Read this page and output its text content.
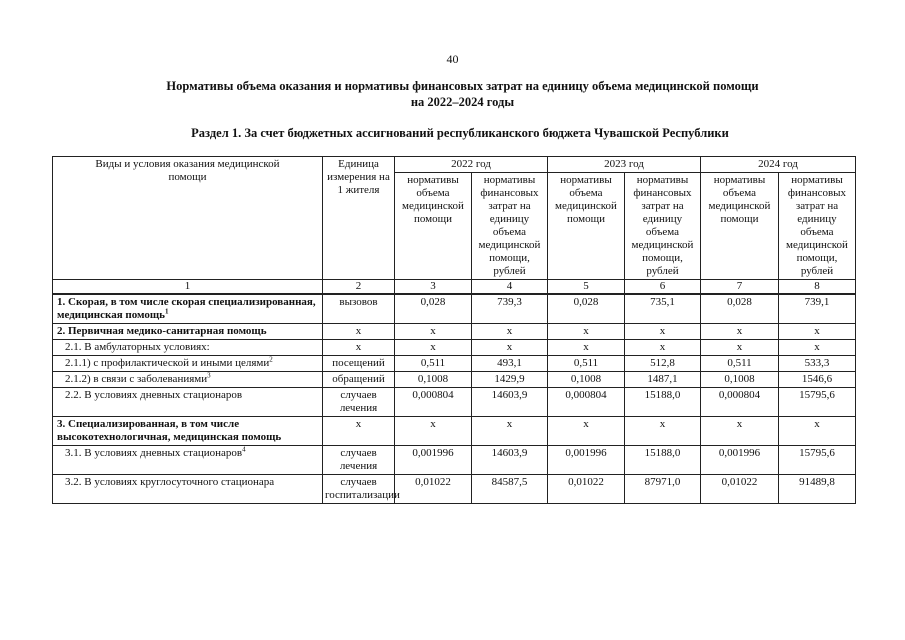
40
Нормативы объема оказания и нормативы финансовых затрат на единицу объема медицинской помощи
на 2022–2024 годы
Раздел 1. За счет бюджетных ассигнований республиканского бюджета Чувашской Республики
Виды и условия оказания медицинской помощи	Единица измерения на 1 жителя	2022 год		2023 год		2024 год	
		нормативы объема медицинской помощи	нормативы финансовых затрат на единицу объема медицинской помощи, рублей	нормативы объема медицинской помощи	нормативы финансовых затрат на единицу объема медицинской помощи, рублей	нормативы объема медицинской помощи	нормативы финансовых затрат на единицу объема медицинской помощи, рублей
1	2	3	4	5	6	7	8
1. Скорая, в том числе скорая специализированная, медицинская помощь$^1$	вызовов	0,028	739,3	0,028	735,1	0,028	739,1
2. Первичная медико-санитарная помощь	х	х	х	х	х	х	х
2.1. В амбулаторных условиях:	х	х	х	х	х	х	х
2.1.1) с профилактической и иными целями$^2$	посещений	0,511	493,1	0,511	512,8	0,511	533,3
2.1.2) в связи с заболеваниями$^3$	обращений	0,1008	1429,9	0,1008	1487,1	0,1008	1546,6
2.2. В условиях дневных стационаров	случаев лечения	0,000804	14603,9	0,000804	15188,0	0,000804	15795,6
3. Специализированная, в том числе высокотехнологичная, медицинская помощь	х	х	х	х	х	х	х
3.1. В условиях дневных стационаров$^4$	случаев лечения	0,001996	14603,9	0,001996	15188,0	0,001996	15795,6
3.2. В условиях круглосуточного стационара	случаев госпитализации	0,01022	84587,5	0,01022	87971,0	0,01022	91489,8
